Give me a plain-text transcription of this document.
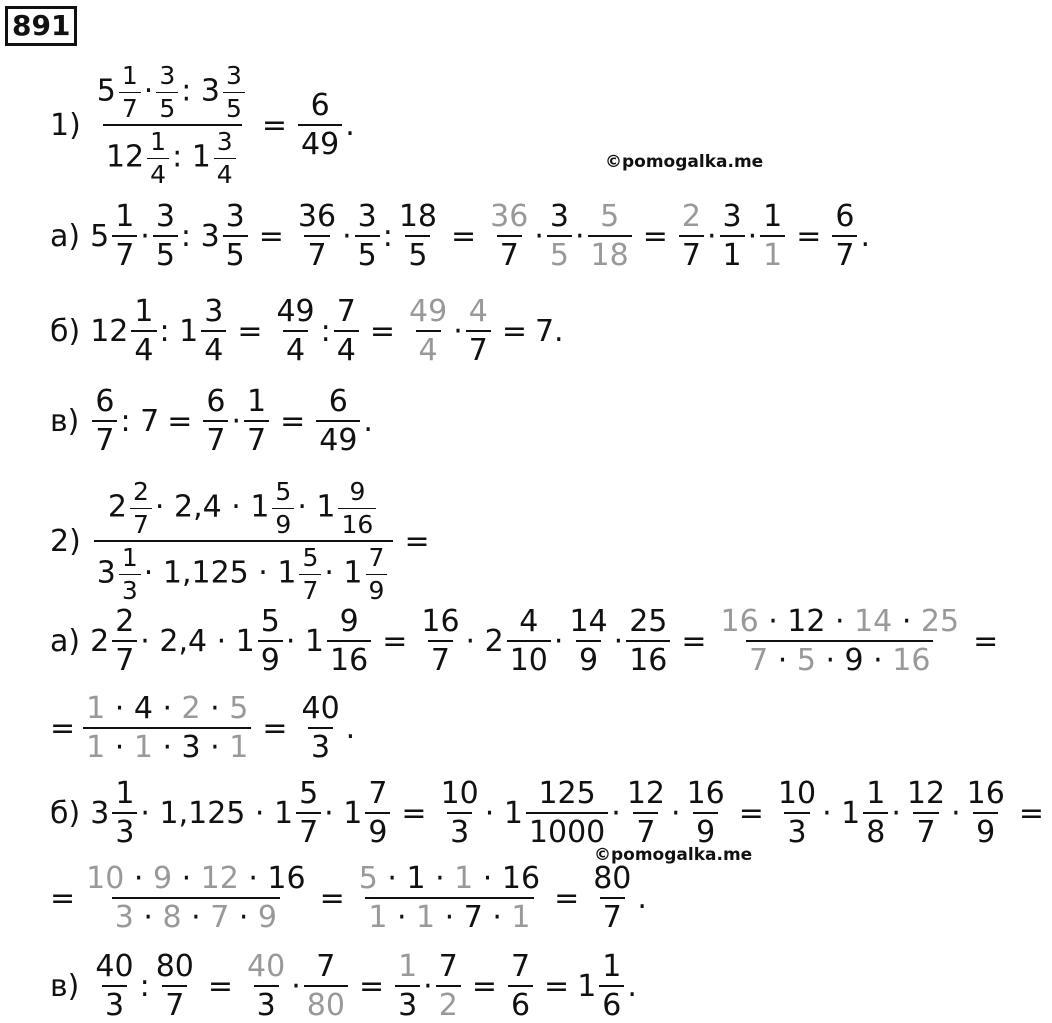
891
©pomogalka.me
©pomogalka.me
$1) \frac{5 \frac{1}{7} \cdot \frac{3}{5} : 3 \frac{3}{5}}{12 \frac{1}{4} : 1 \frac{3}{4}} = \frac{6}{49}$ .
а) $5 \frac{1}{7} \cdot \frac{3}{5}$ : $3 \frac{3}{5} = \frac{36}{7} \cdot \frac{3}{5}$ : $\frac{18}{5} = \frac{36}{7} \cdot \frac{3}{5} \cdot \frac{5}{18} = \frac{2}{7} \cdot \frac{3}{1} \cdot \frac{1}{1} = \frac{6}{7}$ .
б) $12 \frac{1}{4}$ : $1 \frac{3}{4} = \frac{49}{4}$ : $\frac{7}{4} = \frac{49}{4} \cdot \frac{4}{7} = 7$.
$в) \frac{6}{7}$ : $7 = \frac{6}{7} \cdot \frac{1}{7} = \frac{6}{49}$ .
$2) \frac{2 \frac{2}{7} \cdot 2,4 \cdot 1 \frac{5}{9} \cdot 1 \frac{9}{16}}{3 \frac{1}{3} \cdot 1,125 \cdot 1 \frac{5}{7} \cdot 1 \frac{7}{9}}$ =
а) $2 \frac{2}{7} \cdot 2,4 \cdot 1 \frac{5}{9} \cdot 1 \frac{9}{16} = \frac{16}{7} \cdot 2 \frac{4}{10} \cdot \frac{14}{9} \cdot \frac{25}{16} = \frac{16 \cdot 12 \cdot 14 \cdot 25}{7 \cdot 5 \cdot 9 \cdot 16}$ =
= $\frac{1 \cdot 4 \cdot 2 \cdot 5}{1 \cdot 1 \cdot 3 \cdot 1} = \frac{40}{3}$ .
б) $3 \frac{1}{3} \cdot 1,125 \cdot 1 \frac{5}{7} \cdot 1 \frac{7}{9} = \frac{10}{3} \cdot 1 \frac{125}{1000} \cdot \frac{12}{7} \cdot \frac{16}{9} = \frac{10}{3} \cdot 1 \frac{1}{8} \cdot \frac{12}{7} \cdot \frac{16}{9}$ =
= $\frac{10 \cdot 9 \cdot 12 \cdot 16}{3 \cdot 8 \cdot 7 \cdot 9} = \frac{5 \cdot 1 \cdot 1 \cdot 16}{1 \cdot 1 \cdot 7 \cdot 1} = \frac{80}{7}$ .
$в) \frac{40}{3}$ : $\frac{80}{7} = \frac{40}{3} \cdot \frac{7}{80} = \frac{1}{3} \cdot \frac{7}{2} = \frac{7}{6} = 1 \frac{1}{6}$ .
